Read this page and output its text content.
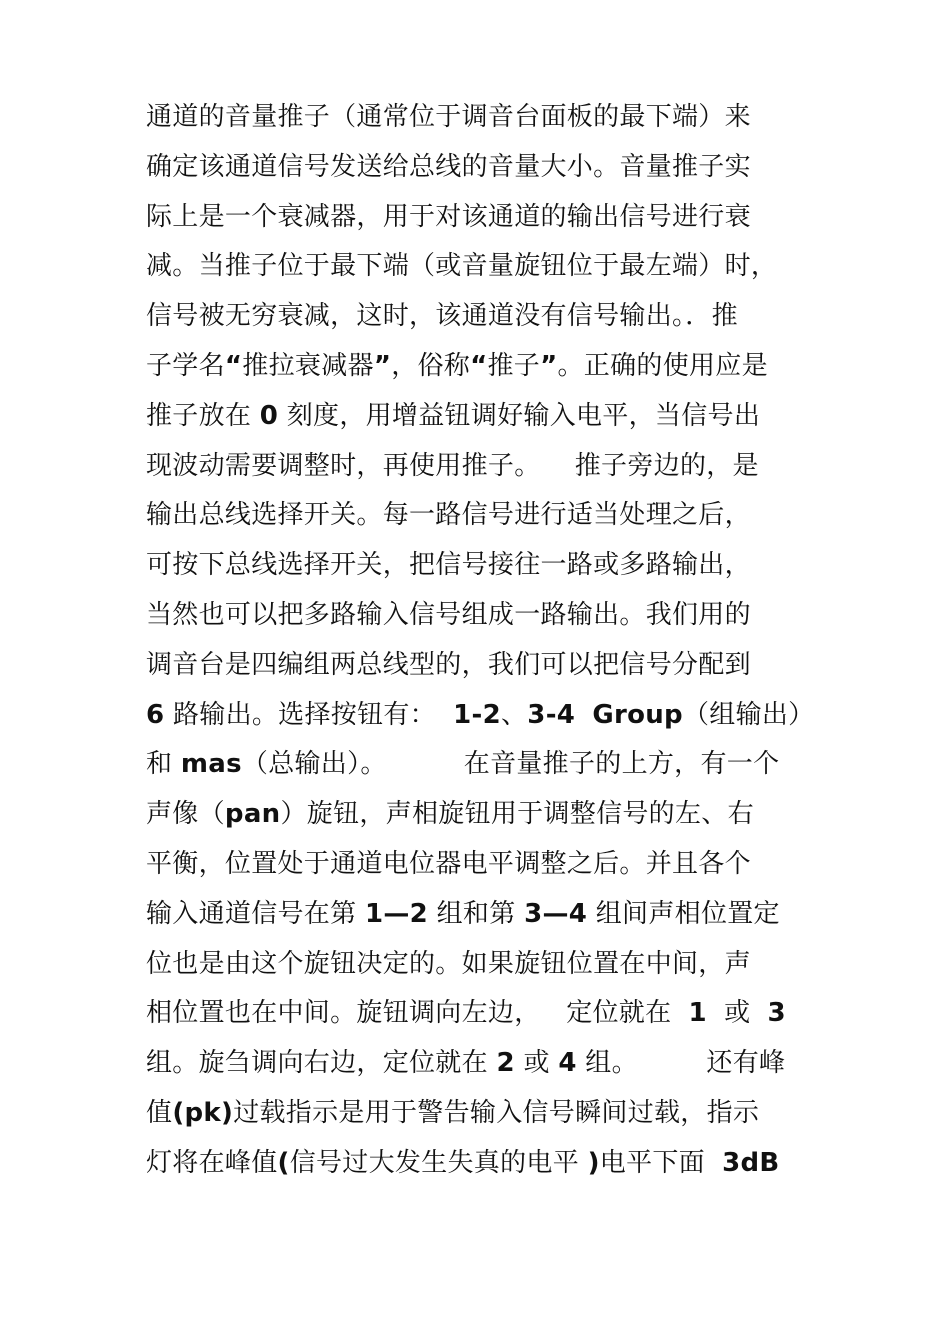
通道的音量推子（通常位于调音台面板的最下端）来
确定该通道信号发送给总线的音量大小。音量推子实
际上是一个衰减器，用于对该通道的输出信号进行衰
减。当推子位于最下端（或音量旋钮位于最左端）时，
信号被无穷衰减，这时，该通道没有信号输出。．推
子学名“推拉衰减器”，俗称“推子”。正确的使用应是
推子放在 0 刻度，用增益钮调好输入电平，当信号出
现波动需要调整时，再使用推子。    推子旁边的，是
输出总线选择开关。每一路信号进行适当处理之后，
可按下总线选择开关，把信号接往一路或多路输出，
当然也可以把多路输入信号组成一路输出。我们用的
调音台是四编组两总线型的，我们可以把信号分配到
6 路输出。选择按钮有：  1-2、3-4 Group（组输出）
和 mas（总输出）。         在音量推子的上方，有一个
声像（pan）旋钮，声相旋钮用于调整信号的左、右
平衡，位置处于通道电位器电平调整之后。并且各个
输入通道信号在第 1—2 组和第 3—4 组间声相位置定
位也是由这个旋钮决定的。如果旋钮位置在中间，声
相位置也在中间。旋钮调向左边，   定位就在  1  或  3
组。旋刍调向右边，定位就在 2 或 4 组。        还有峰
值(pk)过载指示是用于警告输入信号瞬间过载，指示
灯将在峰值(信号过大发生失真的电平 )电平下面  3dB
